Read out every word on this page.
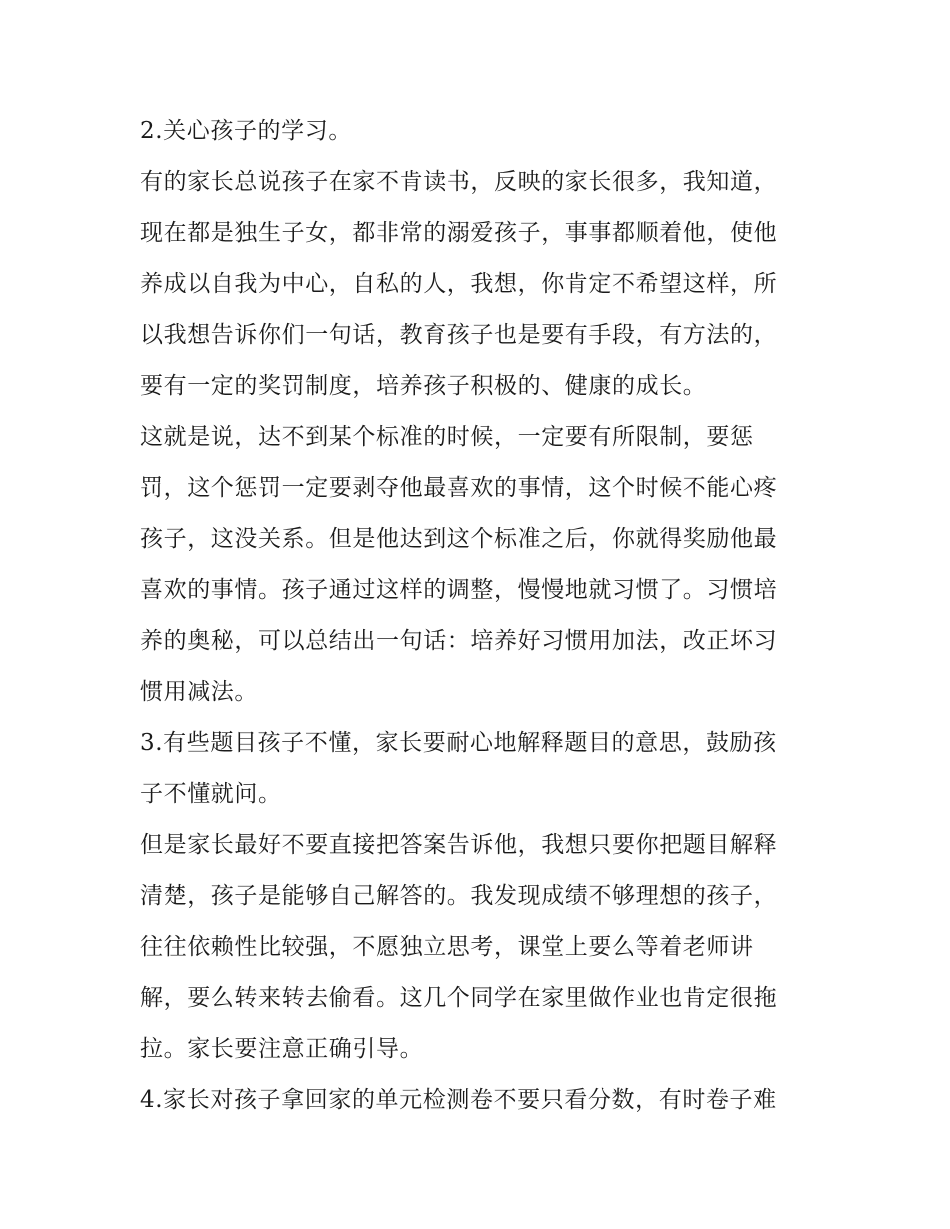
2.关心孩子的学习。
有的家长总说孩子在家不肯读书，反映的家长很多，我知道，
现在都是独生子女，都非常的溺爱孩子，事事都顺着他，使他
养成以自我为中心，自私的人，我想，你肯定不希望这样，所
以我想告诉你们一句话，教育孩子也是要有手段，有方法的，
要有一定的奖罚制度，培养孩子积极的、健康的成长。
这就是说，达不到某个标准的时候，一定要有所限制，要惩
罚，这个惩罚一定要剥夺他最喜欢的事情，这个时候不能心疼
孩子，这没关系。但是他达到这个标准之后，你就得奖励他最
喜欢的事情。孩子通过这样的调整，慢慢地就习惯了。习惯培
养的奥秘，可以总结出一句话：培养好习惯用加法，改正坏习
惯用减法。
3.有些题目孩子不懂，家长要耐心地解释题目的意思，鼓励孩
子不懂就问。
但是家长最好不要直接把答案告诉他，我想只要你把题目解释
清楚，孩子是能够自己解答的。我发现成绩不够理想的孩子，
往往依赖性比较强，不愿独立思考，课堂上要么等着老师讲
解，要么转来转去偷看。这几个同学在家里做作业也肯定很拖
拉。家长要注意正确引导。
4.家长对孩子拿回家的单元检测卷不要只看分数，有时卷子难
